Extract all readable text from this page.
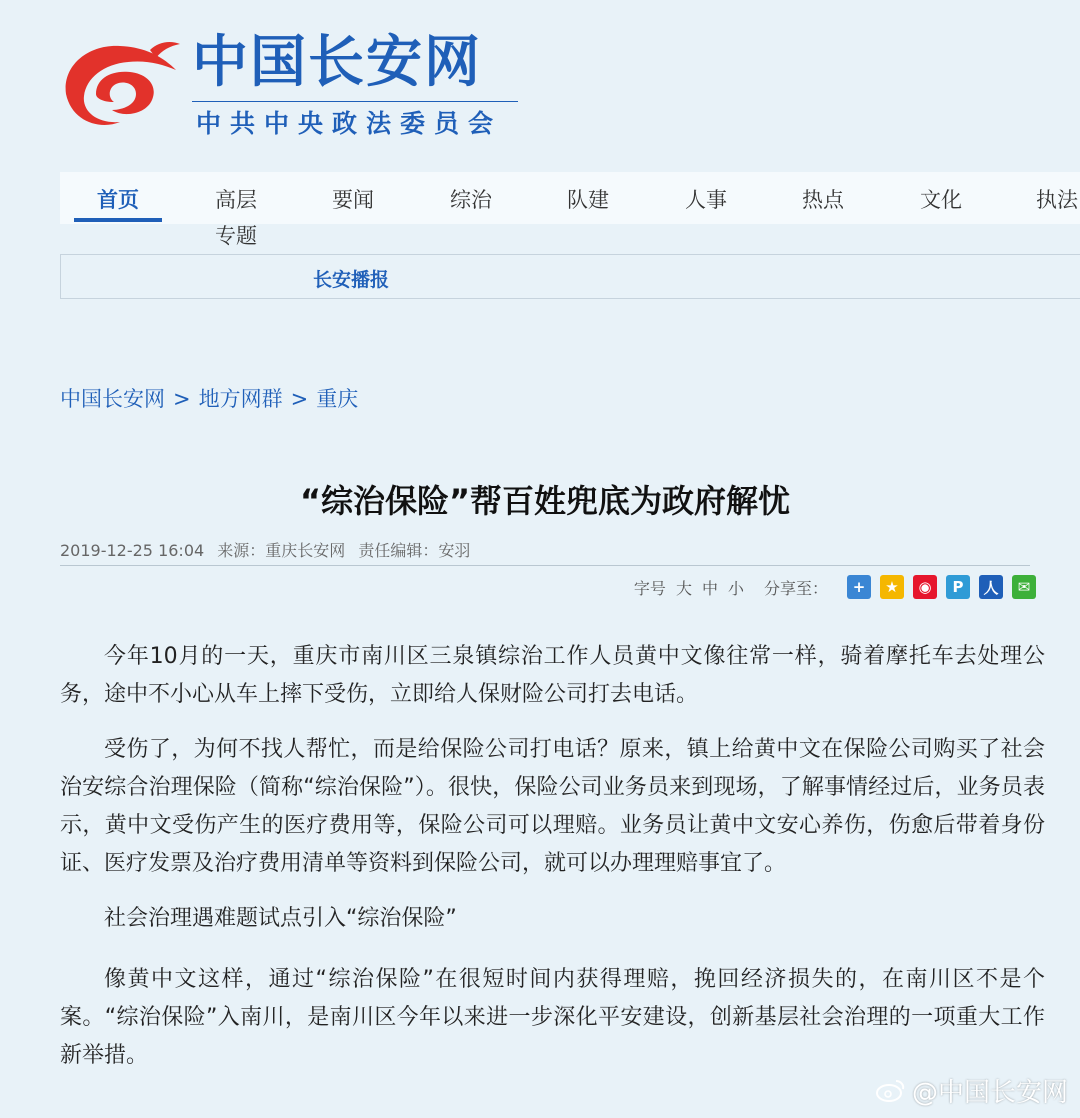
中国长安网
中共中央政法委员会
首页	高层
专题
要闻	综治	队建	人事	热点	文化	执法
长安播报
中国长安网 > 地方网群 > 重庆
“综治保险”帮百姓兜底为政府解忧
2019-12-25 16:04 来源：重庆长安网 责任编辑：安羽
字号 大 中 小 分享至：	+	★	◉	P	人	✉

今年10月的一天，重庆市南川区三泉镇综治工作人员黄中文像往常一样，骑着摩托车去处理公务，途中不小心从车上摔下受伤，立即给人保财险公司打去电话。

受伤了，为何不找人帮忙，而是给保险公司打电话？原来，镇上给黄中文在保险公司购买了社会治安综合治理保险（简称“综治保险”）。很快，保险公司业务员来到现场，了解事情经过后，业务员表示，黄中文受伤产生的医疗费用等，保险公司可以理赔。业务员让黄中文安心养伤，伤愈后带着身份证、医疗发票及治疗费用清单等资料到保险公司，就可以办理理赔事宜了。

社会治理遇难题试点引入“综治保险”

像黄中文这样，通过“综治保险”在很短时间内获得理赔，挽回经济损失的，在南川区不是个案。“综治保险”入南川，是南川区今年以来进一步深化平安建设，创新基层社会治理的一项重大工作新举措。

@中国长安网
